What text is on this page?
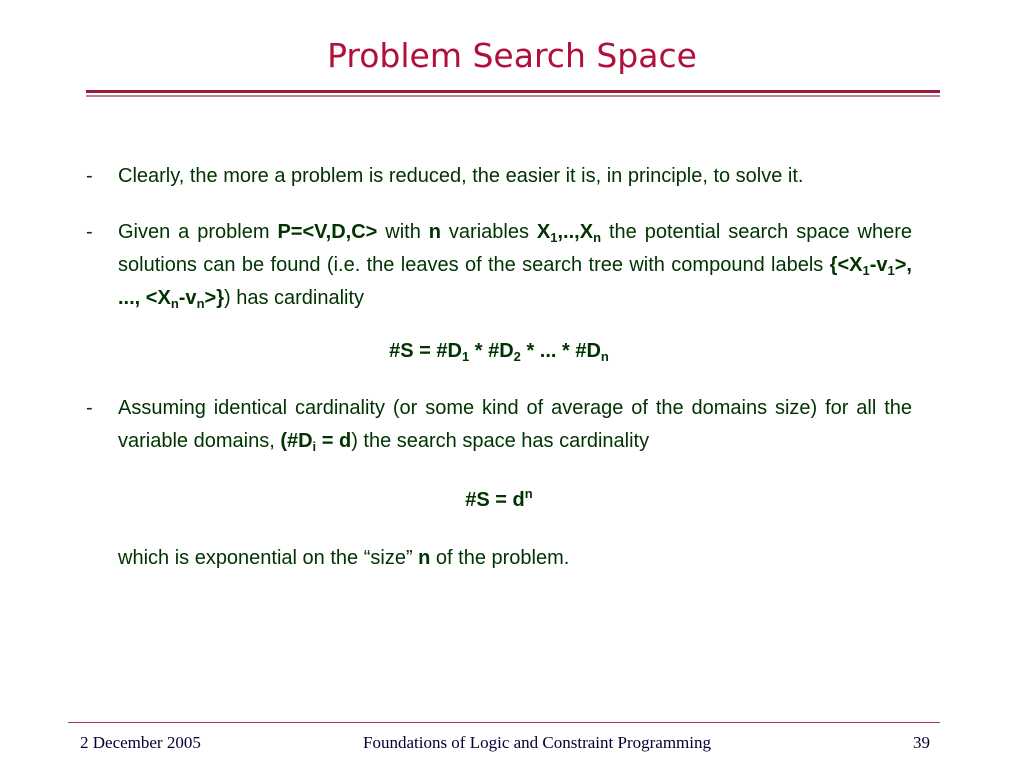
Problem Search Space
- Clearly, the more a problem is reduced, the easier it is, in principle, to solve it.
- Given a problem P=<V,D,C> with n variables $X_1,..,X_n$ the potential search space where solutions can be found (i.e. the leaves of the search tree with compound labels {$<X_1-v_1>$, ..., $<X_n-v_n>$}) has cardinality
#S = $\#D_1$ * $\#D_2$ * ... * $\#D_n$
- Assuming identical cardinality (or some kind of average of the domains size) for all the variable domains, $(\#D_i = d)$ the search space has cardinality
#S = $d^n$
which is exponential on the “size” n of the problem.
2 December 2005	Foundations of Logic and Constraint Programming	39
